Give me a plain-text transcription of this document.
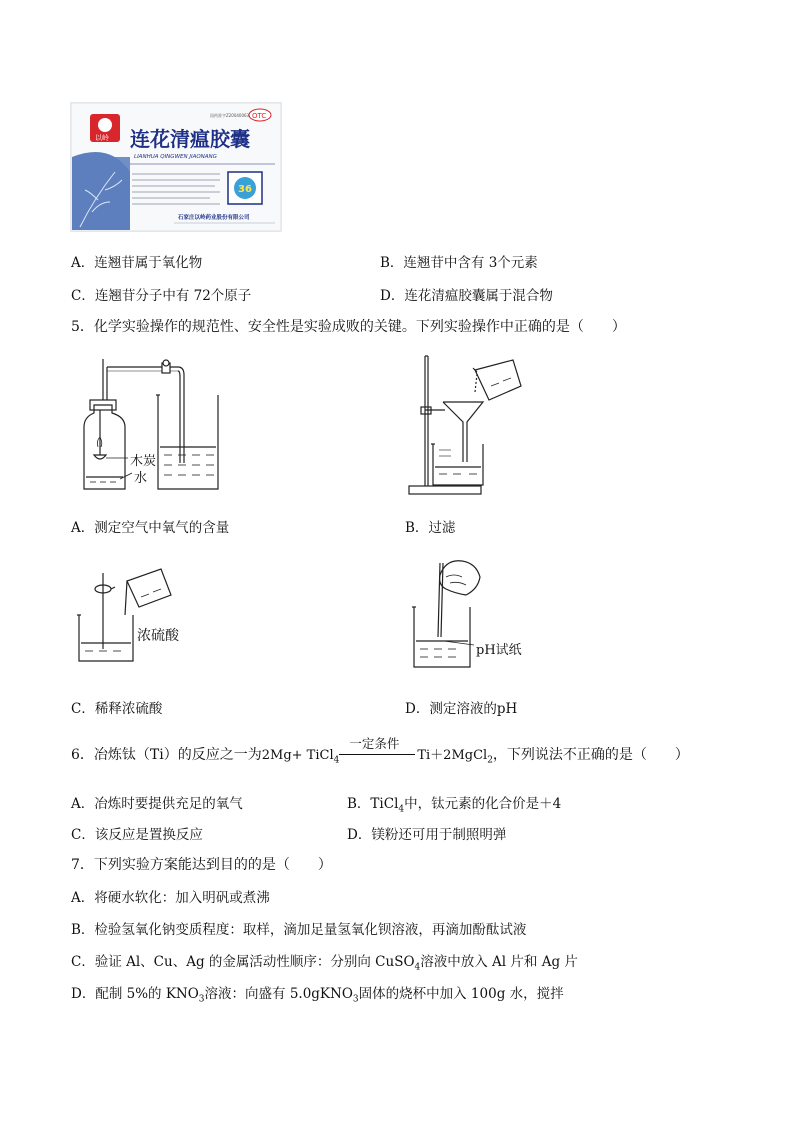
以岭
国药准字Z20040063 OTC
连花清瘟胶囊
LIANHUA QINGWEN JIAONANG
36
石家庄以岭药业股份有限公司
A．连翘苷属于氧化物	B．连翘苷中含有 3个元素
C．连翘苷分子中有 72个原子	D．连花清瘟胶囊属于混合物
5．化学实验操作的规范性、安全性是实验成败的关键。下列实验操作中正确的是（　　）
木炭
水
A．测定空气中氧气的含量	B．过滤
浓硫酸
pH试纸
C．稀释浓硫酸	D．测定溶液的pH
6．冶炼钛（Ti）的反应之一为2Mg+ TiCl$_4$
一定条件
Ti＋2MgCl$_2$，下列说法不正确的是（　　）
A．冶炼时要提供充足的氧气	B．TiCl$_4$中，钛元素的化合价是＋4
C．该反应是置换反应	D．镁粉还可用于制照明弹
7．下列实验方案能达到目的的是（　　）
A．将硬水软化：加入明矾或煮沸
B．检验氢氧化钠变质程度：取样，滴加足量氢氧化钡溶液，再滴加酚酞试液
C．验证 Al、Cu、Ag 的金属活动性顺序：分别向 CuSO$_4$溶液中放入 Al 片和 Ag 片
D．配制 5%的 $KNO_3$溶液：向盛有 5.0gKNO$_3$固体的烧杯中加入 100g 水，搅拌
